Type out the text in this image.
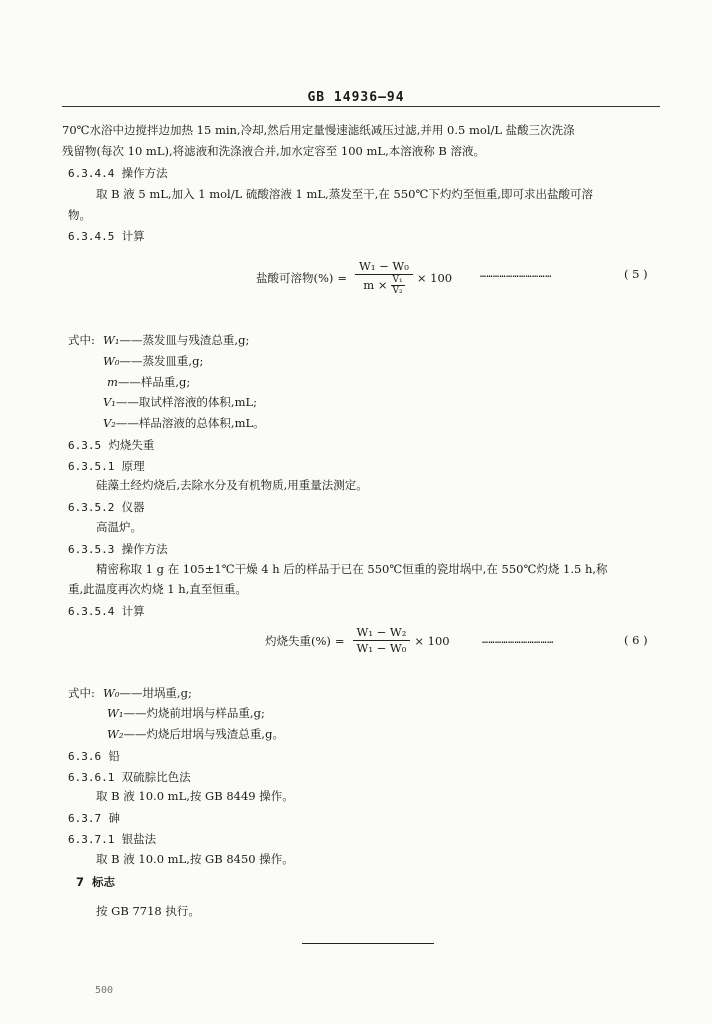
GB 14936—94
70℃水浴中边搅拌边加热 15 min,冷却,然后用定量慢速滤纸减压过滤,并用 0.5 mol/L 盐酸三次洗涤
残留物(每次 10 mL),将滤液和洗涤液合并,加水定容至 100 mL,本溶液称 B 溶液。
6.3.4.4 操作方法
取 B 液 5 mL,加入 1 mol/L 硫酸溶液 1 mL,蒸发至干,在 550℃下灼灼至恒重,即可求出盐酸可溶
物。
6.3.4.5 计算
盐酸可溶物(%) = $\frac{\text{W₁ − W₀}}{m \times \frac{\text{V₁}}{\text{V₂}}} \times 100$	……………………………	( 5 )
式中: W₁——蒸发皿与残渣总重,g;
W₀——蒸发皿重,g;
m——样品重,g;
V₁——取试样溶液的体积,mL;
V₂——样品溶液的总体积,mL。
6.3.5 灼烧失重
6.3.5.1 原理
硅藻土经灼烧后,去除水分及有机物质,用重量法测定。
6.3.5.2 仪器
高温炉。
6.3.5.3 操作方法
精密称取 1 g 在 105±1℃干燥 4 h 后的样品于已在 550℃恒重的瓷坩埚中,在 550℃灼烧 1.5 h,称
重,此温度再次灼烧 1 h,直至恒重。
6.3.5.4 计算
灼烧失重(%) = $\frac{\text{W₁ − W₂}}{\text{W₁ − W₀}} \times 100$	……………………………	( 6 )
式中: W₀——坩埚重,g;
W₁——灼烧前坩埚与样品重,g;
W₂——灼烧后坩埚与残渣总重,g。
6.3.6 铅
6.3.6.1 双硫腙比色法
取 B 液 10.0 mL,按 GB 8449 操作。
6.3.7 砷
6.3.7.1 银盐法
取 B 液 10.0 mL,按 GB 8450 操作。
7 标志
按 GB 7718 执行。
500
